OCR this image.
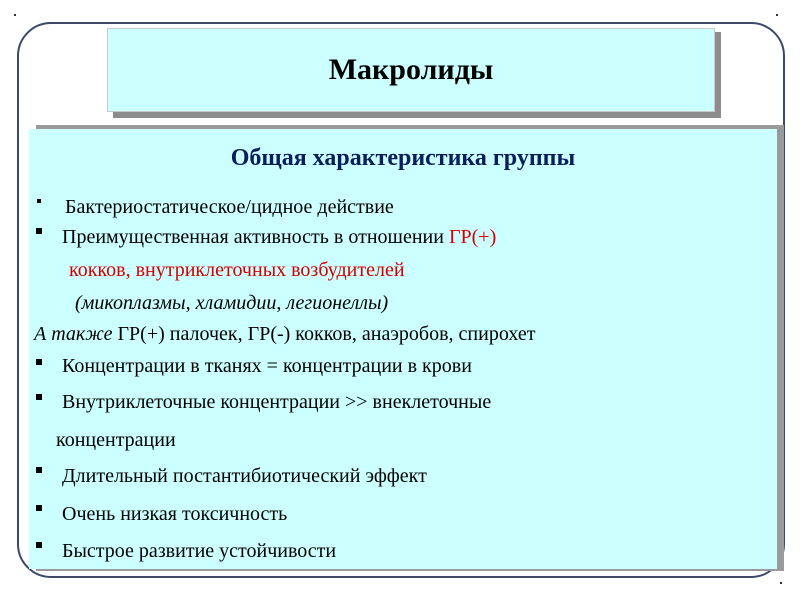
Макролиды
Общая характеристика группы
Бактериостатическое/цидное действие
Преимущественная активность в отношении ГР(+)
кокков, внутриклеточных возбудителей
(микоплазмы, хламидии, легионеллы)
А также ГР(+) палочек, ГР(-) кокков, анаэробов, спирохет
Концентрации в тканях = концентрации в крови
Внутриклеточные концентрации >> внеклеточные
концентрации
Длительный постантибиотический эффект
Очень низкая токсичность
Быстрое развитие устойчивости
